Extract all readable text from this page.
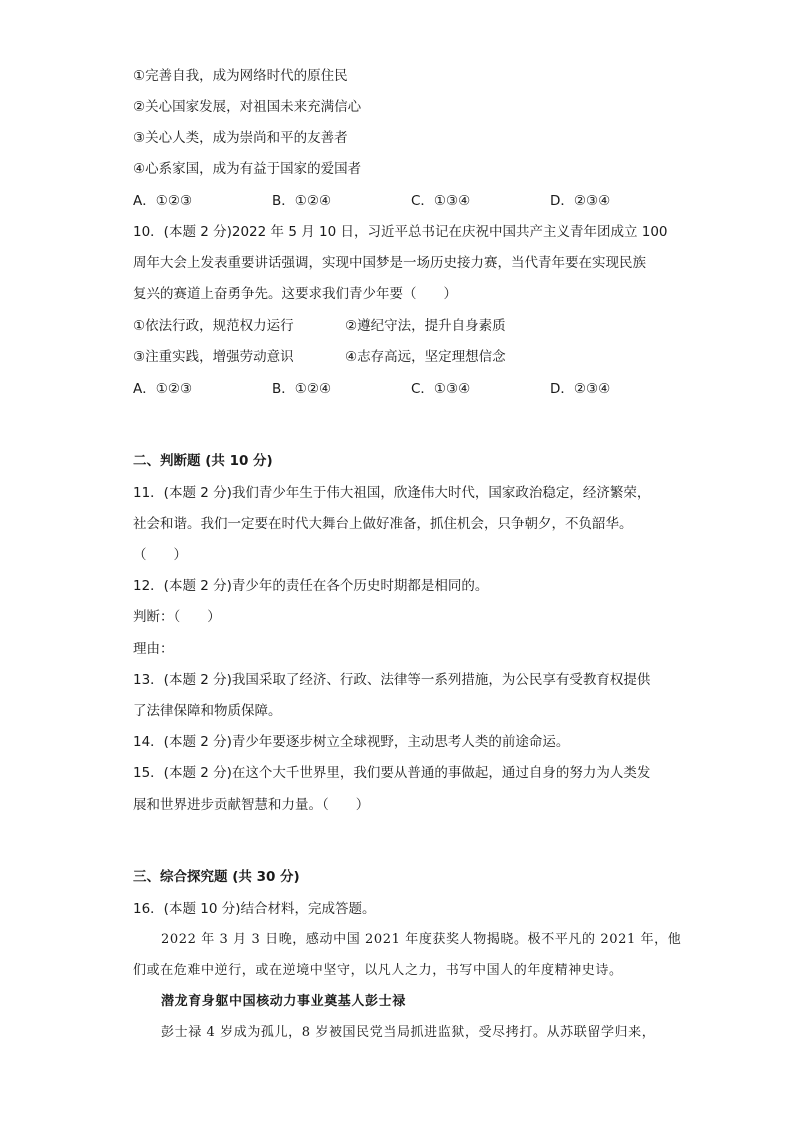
①完善自我，成为网络时代的原住民
②关心国家发展，对祖国未来充满信心
③关心人类，成为崇尚和平的友善者
④心系家国，成为有益于国家的爱国者
A．①②③	B．①②④	C．①③④	D．②③④
10．(本题 2 分)2022 年 5 月 10 日，习近平总书记在庆祝中国共产主义青年团成立 100
周年大会上发表重要讲话强调，实现中国梦是一场历史接力赛，当代青年要在实现民族
复兴的赛道上奋勇争先。这要求我们青少年要（　　）
①依法行政，规范权力运行	②遵纪守法，提升自身素质
③注重实践，增强劳动意识	④志存高远，坚定理想信念
A．①②③	B．①②④	C．①③④	D．②③④
二、判断题 (共 10 分)
11．(本题 2 分)我们青少年生于伟大祖国，欣逢伟大时代，国家政治稳定，经济繁荣，
社会和谐。我们一定要在时代大舞台上做好准备，抓住机会，只争朝夕，不负韶华。
（　　）
12．(本题 2 分)青少年的责任在各个历史时期都是相同的。
判断：（　　）
理由：
13．(本题 2 分)我国采取了经济、行政、法律等一系列措施，为公民享有受教育权提供
了法律保障和物质保障。
14．(本题 2 分)青少年要逐步树立全球视野，主动思考人类的前途命运。
15．(本题 2 分)在这个大千世界里，我们要从普通的事做起，通过自身的努力为人类发
展和世界进步贡献智慧和力量。（　　）
三、综合探究题 (共 30 分)
16．(本题 10 分)结合材料，完成答题。
2022 年 3 月 3 日晚，感动中国 2021 年度获奖人物揭晓。极不平凡的 2021 年，他
们或在危难中逆行，或在逆境中坚守，以凡人之力，书写中国人的年度精神史诗。
潜龙育身躯中国核动力事业奠基人彭士禄
彭士禄 4 岁成为孤儿，8 岁被国民党当局抓进监狱，受尽拷打。从苏联留学归来，
